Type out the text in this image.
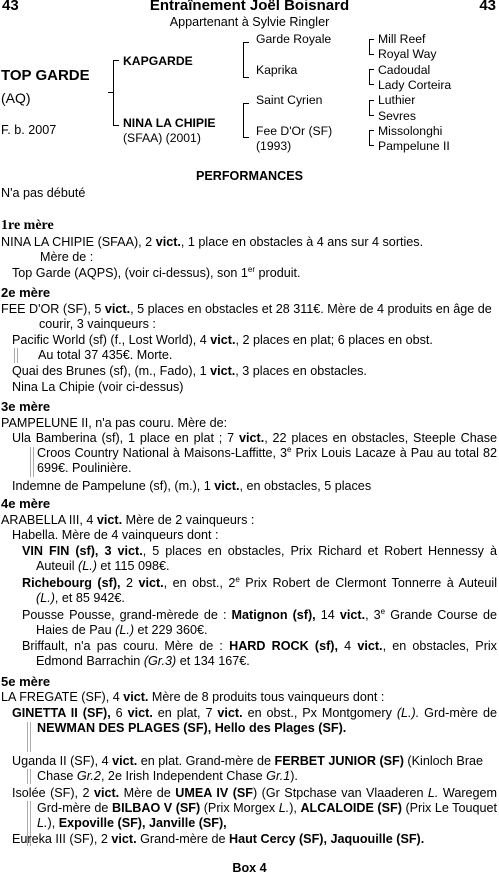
43	Entraînement Joël Boisnard	43
Appartenant à Sylvie Ringler
TOP GARDE
(AQ)
F. b. 2007
KAPGARDE
NINA LA CHIPIE
(SFAA) (2001)
Garde Royale
Kaprika
Saint Cyrien
Fee D'Or (SF)
(1993)
Mill Reef
Royal Way
Cadoudal
Lady Corteira
Luthier
Sevres
Missolonghi
Pampelune II
PERFORMANCES
N'a pas débuté
1re mère
NINA LA CHIPIE (SFAA), 2 vict., 1 place en obstacles à 4 ans sur 4 sorties.
Mère de :
Top Garde (AQPS), (voir ci-dessus), son 1er produit.
2e mère
FEE D'OR (SF), 5 vict., 5 places en obstacles et 28 311€. Mère de 4 produits en âge de courir, 3 vainqueurs :
Pacific World (sf) (f., Lost World), 4 vict., 2 places en plat; 6 places en obst.
Au total 37 435€. Morte.
Quai des Brunes (sf), (m., Fado), 1 vict., 3 places en obstacles.
Nina La Chipie (voir ci-dessus)
3e mère
PAMPELUNE II, n'a pas couru. Mère de:
Ula Bamberina (sf), 1 place en plat ; 7 vict., 22 places en obstacles, Steeple Chase Croos Country National à Maisons-Laffitte, 3e Prix Louis Lacaze à Pau au total 82 699€. Poulinière.
Indemne de Pampelune (sf), (m.), 1 vict., en obstacles, 5 places
4e mère
ARABELLA III, 4 vict. Mère de 2 vainqueurs :
Habella. Mère de 4 vainqueurs dont :
VIN FIN (sf), 3 vict., 5 places en obstacles, Prix Richard et Robert Hennessy à Auteuil (L.) et 115 098€.
Richebourg (sf), 2 vict., en obst., 2e Prix Robert de Clermont Tonnerre à Auteuil (L.), et 85 942€.
Pousse Pousse, grand-mèrede de : Matignon (sf), 14 vict., 3e Grande Course de Haies de Pau (L.) et 229 360€.
Briffault, n'a pas couru. Mère de : HARD ROCK (sf), 4 vict., en obstacles, Prix Edmond Barrachin (Gr.3) et 134 167€.
5e mère
LA FREGATE (SF), 4 vict. Mère de 8 produits tous vainqueurs dont :
GINETTA II (SF), 6 vict. en plat, 7 vict. en obst., Px Montgomery (L.). Grd-mère de NEWMAN DES PLAGES (SF), Hello des Plages (SF).
Uganda II (SF), 4 vict. en plat. Grand-mère de FERBET JUNIOR (SF) (Kinloch Brae Chase Gr.2, 2e Irish Independent Chase Gr.1).
Isolée (SF), 2 vict. Mère de UMEA IV (SF) (Gr Stpchase van Vlaaderen L. Waregem Grd-mère de BILBAO V (SF) (Prix Morgex L.), ALCALOIDE (SF) (Prix Le Touquet L.), Expoville (SF), Janville (SF),
Eureka III (SF), 2 vict. Grand-mère de Haut Cercy (SF), Jaquouille (SF).
Box 4
